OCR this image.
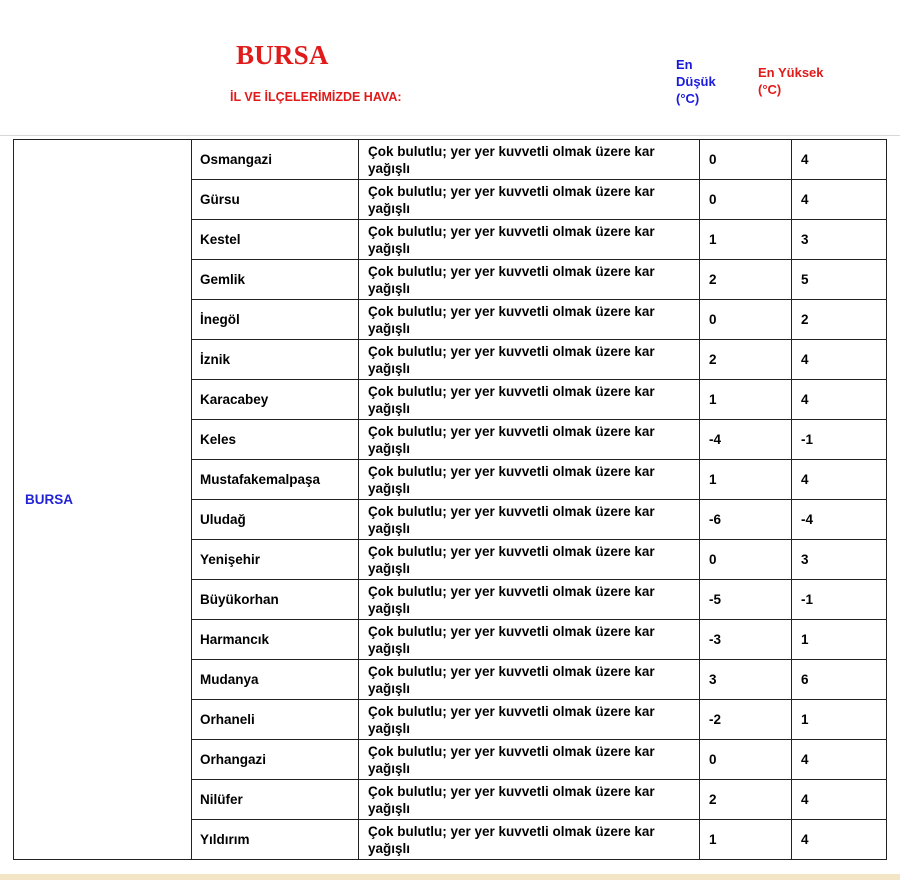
BURSA
İL VE İLÇELERİMİZDE HAVA:
En
Düşük
(°C)
En Yüksek
(°C)
BURSA	Osmangazi	Çok bulutlu; yer yer kuvvetli olmak üzere kar yağışlı	0	4
	Gürsu	Çok bulutlu; yer yer kuvvetli olmak üzere kar yağışlı	0	4
	Kestel	Çok bulutlu; yer yer kuvvetli olmak üzere kar yağışlı	1	3
	Gemlik	Çok bulutlu; yer yer kuvvetli olmak üzere kar yağışlı	2	5
	İnegöl	Çok bulutlu; yer yer kuvvetli olmak üzere kar yağışlı	0	2
	İznik	Çok bulutlu; yer yer kuvvetli olmak üzere kar yağışlı	2	4
	Karacabey	Çok bulutlu; yer yer kuvvetli olmak üzere kar yağışlı	1	4
	Keles	Çok bulutlu; yer yer kuvvetli olmak üzere kar yağışlı	-4	-1
	Mustafakemalpaşa	Çok bulutlu; yer yer kuvvetli olmak üzere kar yağışlı	1	4
	Uludağ	Çok bulutlu; yer yer kuvvetli olmak üzere kar yağışlı	-6	-4
	Yenişehir	Çok bulutlu; yer yer kuvvetli olmak üzere kar yağışlı	0	3
	Büyükorhan	Çok bulutlu; yer yer kuvvetli olmak üzere kar yağışlı	-5	-1
	Harmancık	Çok bulutlu; yer yer kuvvetli olmak üzere kar yağışlı	-3	1
	Mudanya	Çok bulutlu; yer yer kuvvetli olmak üzere kar yağışlı	3	6
	Orhaneli	Çok bulutlu; yer yer kuvvetli olmak üzere kar yağışlı	-2	1
	Orhangazi	Çok bulutlu; yer yer kuvvetli olmak üzere kar yağışlı	0	4
	Nilüfer	Çok bulutlu; yer yer kuvvetli olmak üzere kar yağışlı	2	4
	Yıldırım	Çok bulutlu; yer yer kuvvetli olmak üzere kar yağışlı	1	4
